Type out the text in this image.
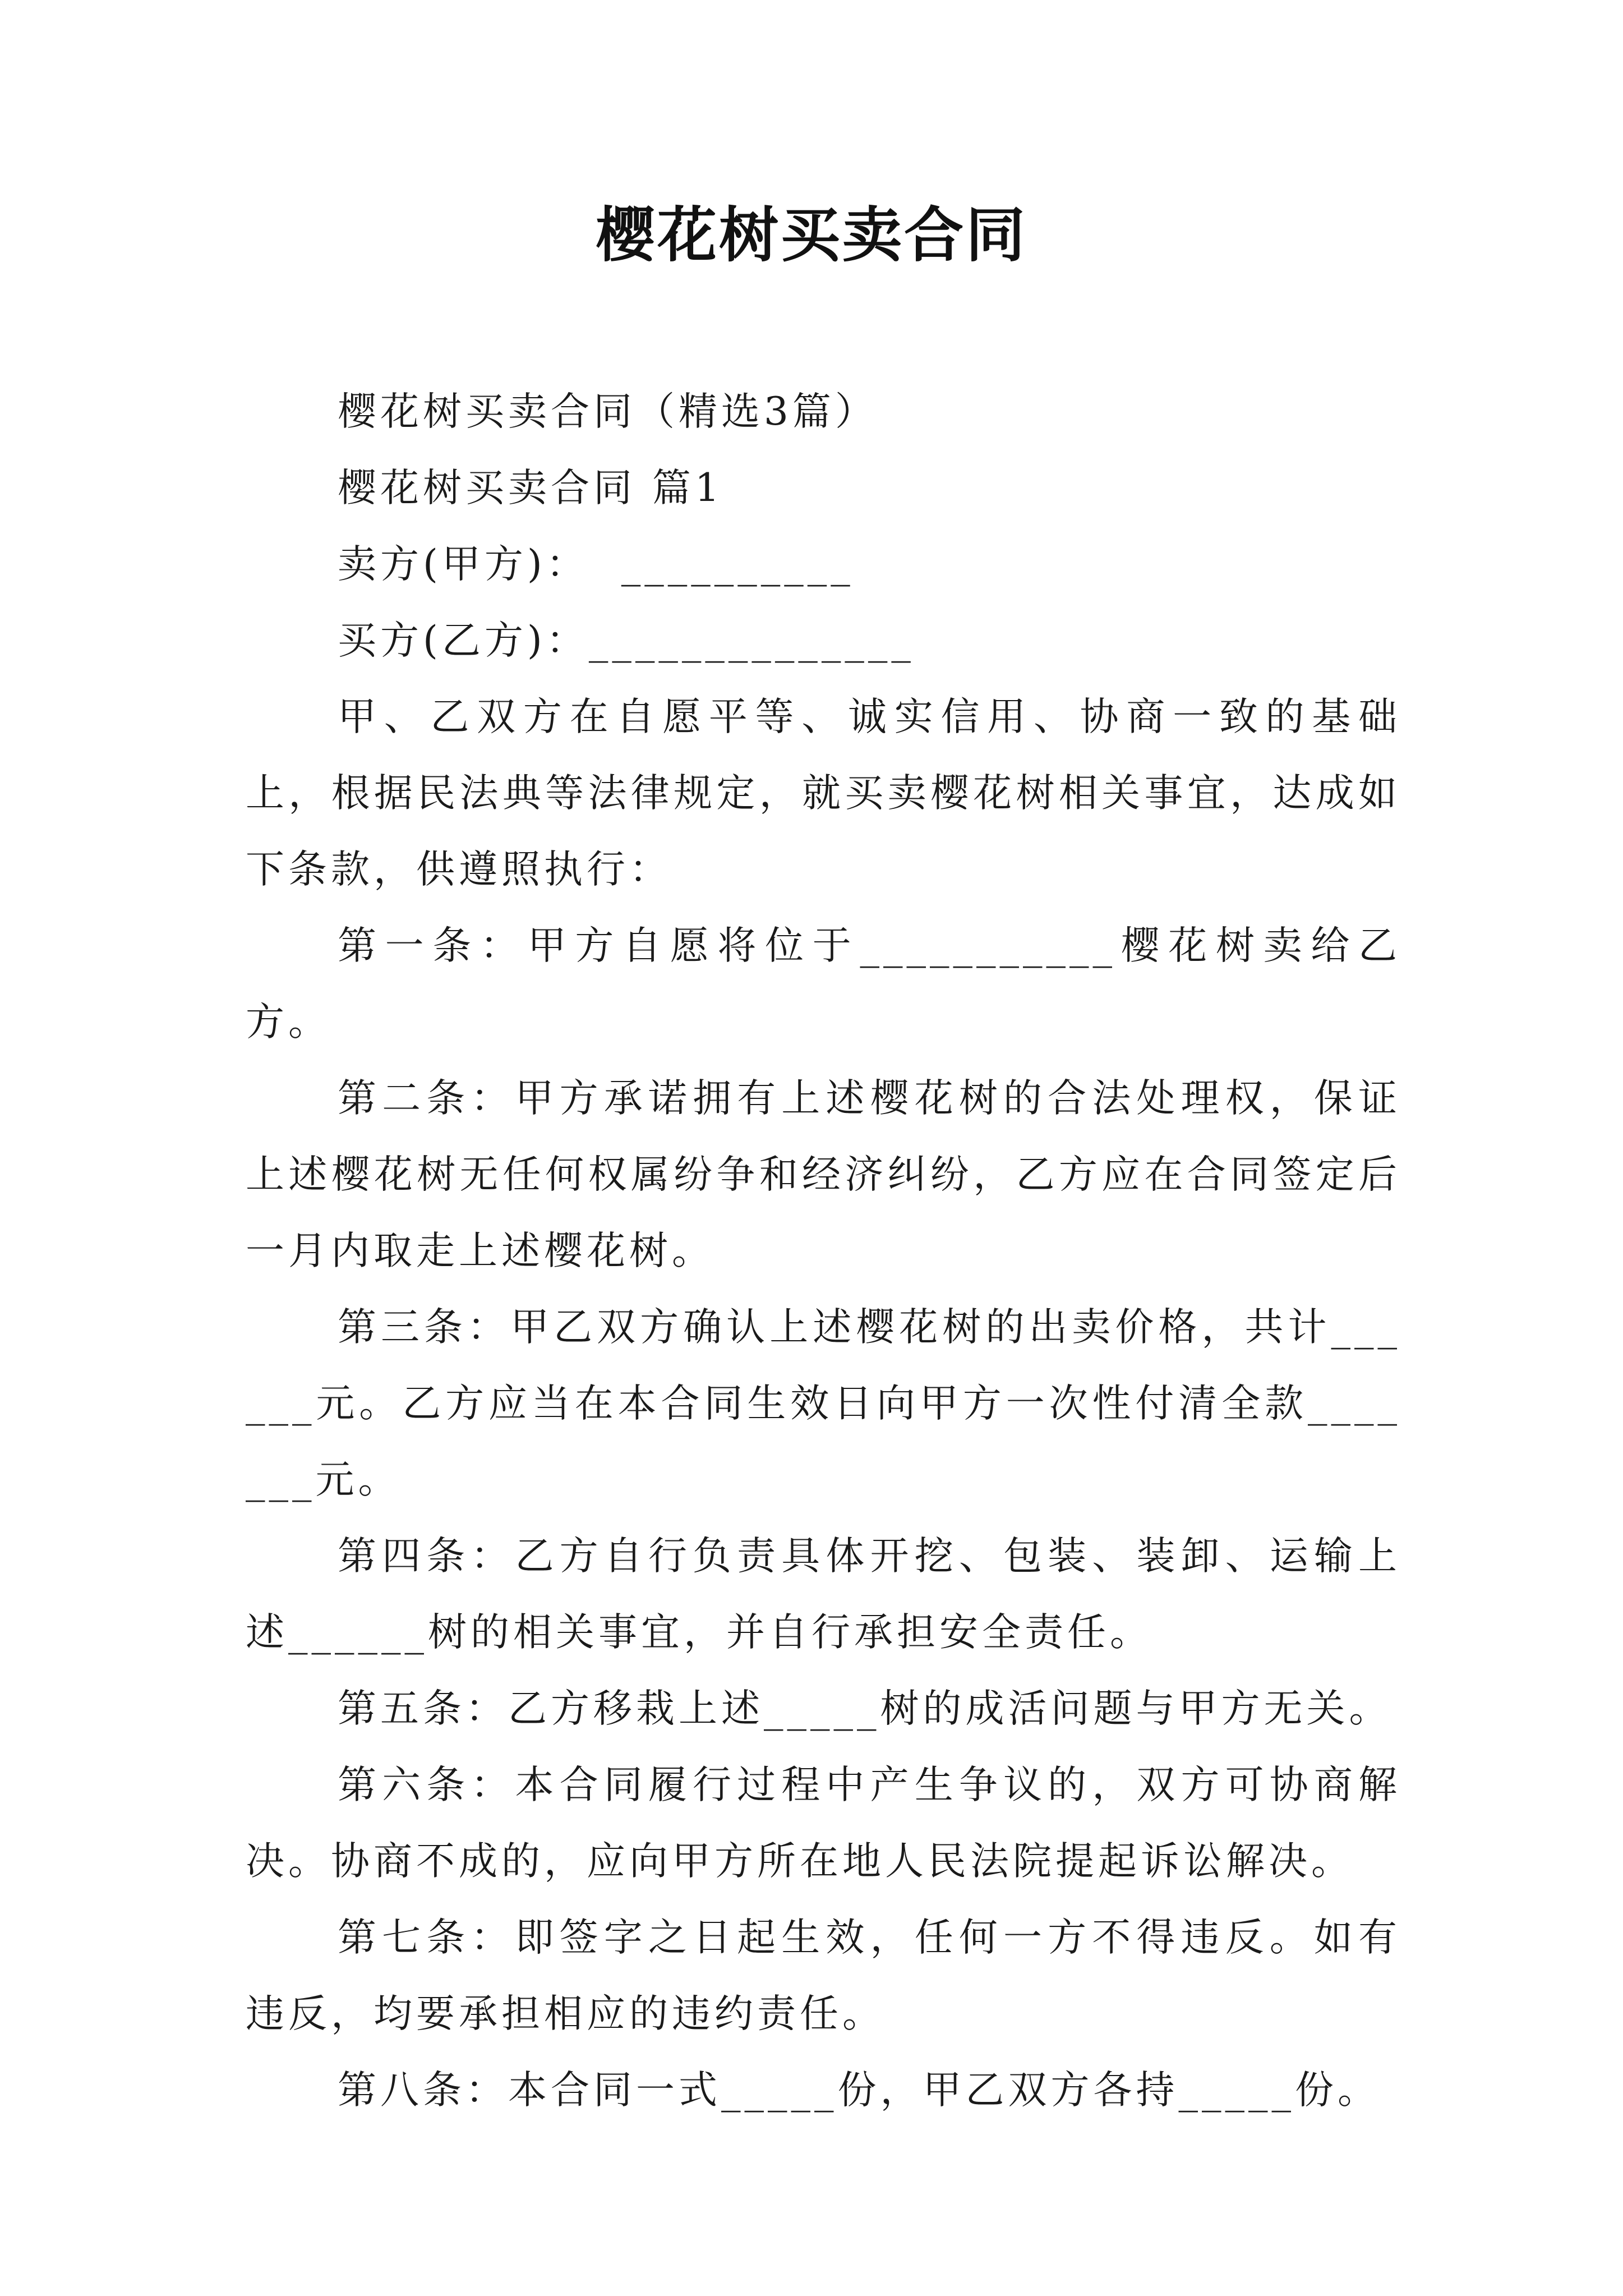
樱花树买卖合同

樱花树买卖合同（精选3篇）

樱花树买卖合同 篇1

卖方(甲方)：  __________

买方(乙方)：______________

甲、乙双方在自愿平等、诚实信用、协商一致的基础上，根据民法典等法律规定，就买卖樱花树相关事宜，达成如下条款，供遵照执行：

第一条：甲方自愿将位于___________樱花树卖给乙方。

第二条：甲方承诺拥有上述樱花树的合法处理权，保证上述樱花树无任何权属纷争和经济纠纷，乙方应在合同签定后一月内取走上述樱花树。

第三条：甲乙双方确认上述樱花树的出卖价格，共计______元。乙方应当在本合同生效日向甲方一次性付清全款_______元。

第四条：乙方自行负责具体开挖、包装、装卸、运输上述______树的相关事宜，并自行承担安全责任。

第五条：乙方移栽上述_____树的成活问题与甲方无关。

第六条：本合同履行过程中产生争议的，双方可协商解决。协商不成的，应向甲方所在地人民法院提起诉讼解决。

第七条：即签字之日起生效，任何一方不得违反。如有违反，均要承担相应的违约责任。

第八条：本合同一式_____份，甲乙双方各持_____份。
